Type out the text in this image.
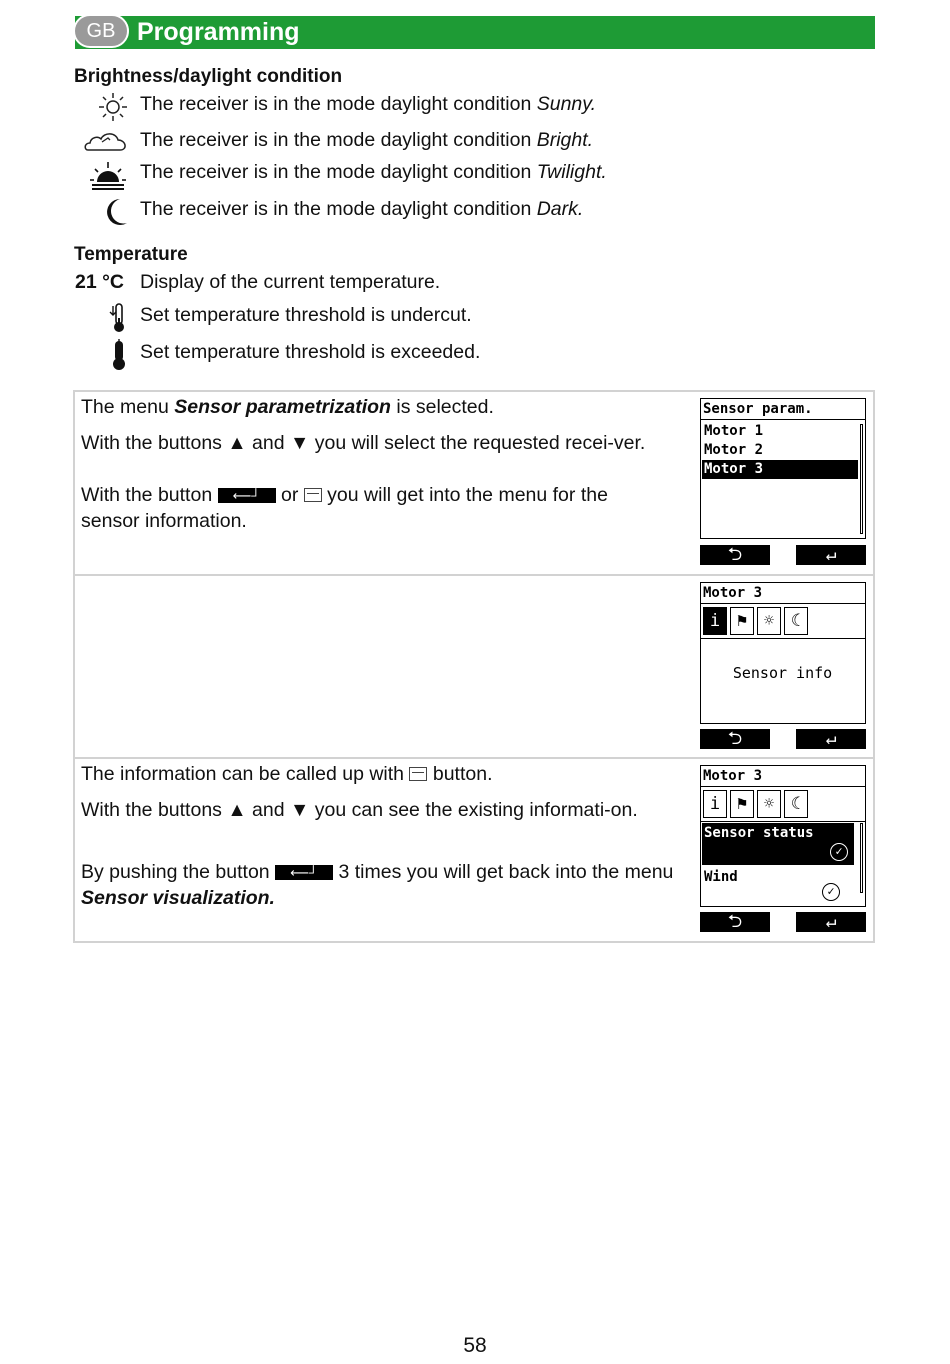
GB Programming
Brightness/daylight condition
The receiver is in the mode daylight condition Sunny.
The receiver is in the mode daylight condition Bright.
The receiver is in the mode daylight condition Twilight.
The receiver is in the mode daylight condition Dark.
Temperature
21 °C Display of the current temperature.
Set temperature threshold is undercut.
Set temperature threshold is exceeded.
The menu Sensor parametrization is selected.
With the buttons ▲ and ▼ you will select the requested recei-ver.
With the button ⟵┘ or  you will get into the menu for the sensor information.
Sensor param.
Motor 1
Motor 2
Motor 3
⮌	↵
Motor 3
i ⚑ ☼ ☾
Sensor info
⮌	↵
The information can be called up with  button.
With the buttons ▲ and ▼ you can see the existing informati-on.
By pushing the button ⟵┘ 3 times you will get back into the menu Sensor visualization.
Motor 3
i ⚑ ☼ ☾
Sensor status
✓
Wind
✓
⮌	↵
58
